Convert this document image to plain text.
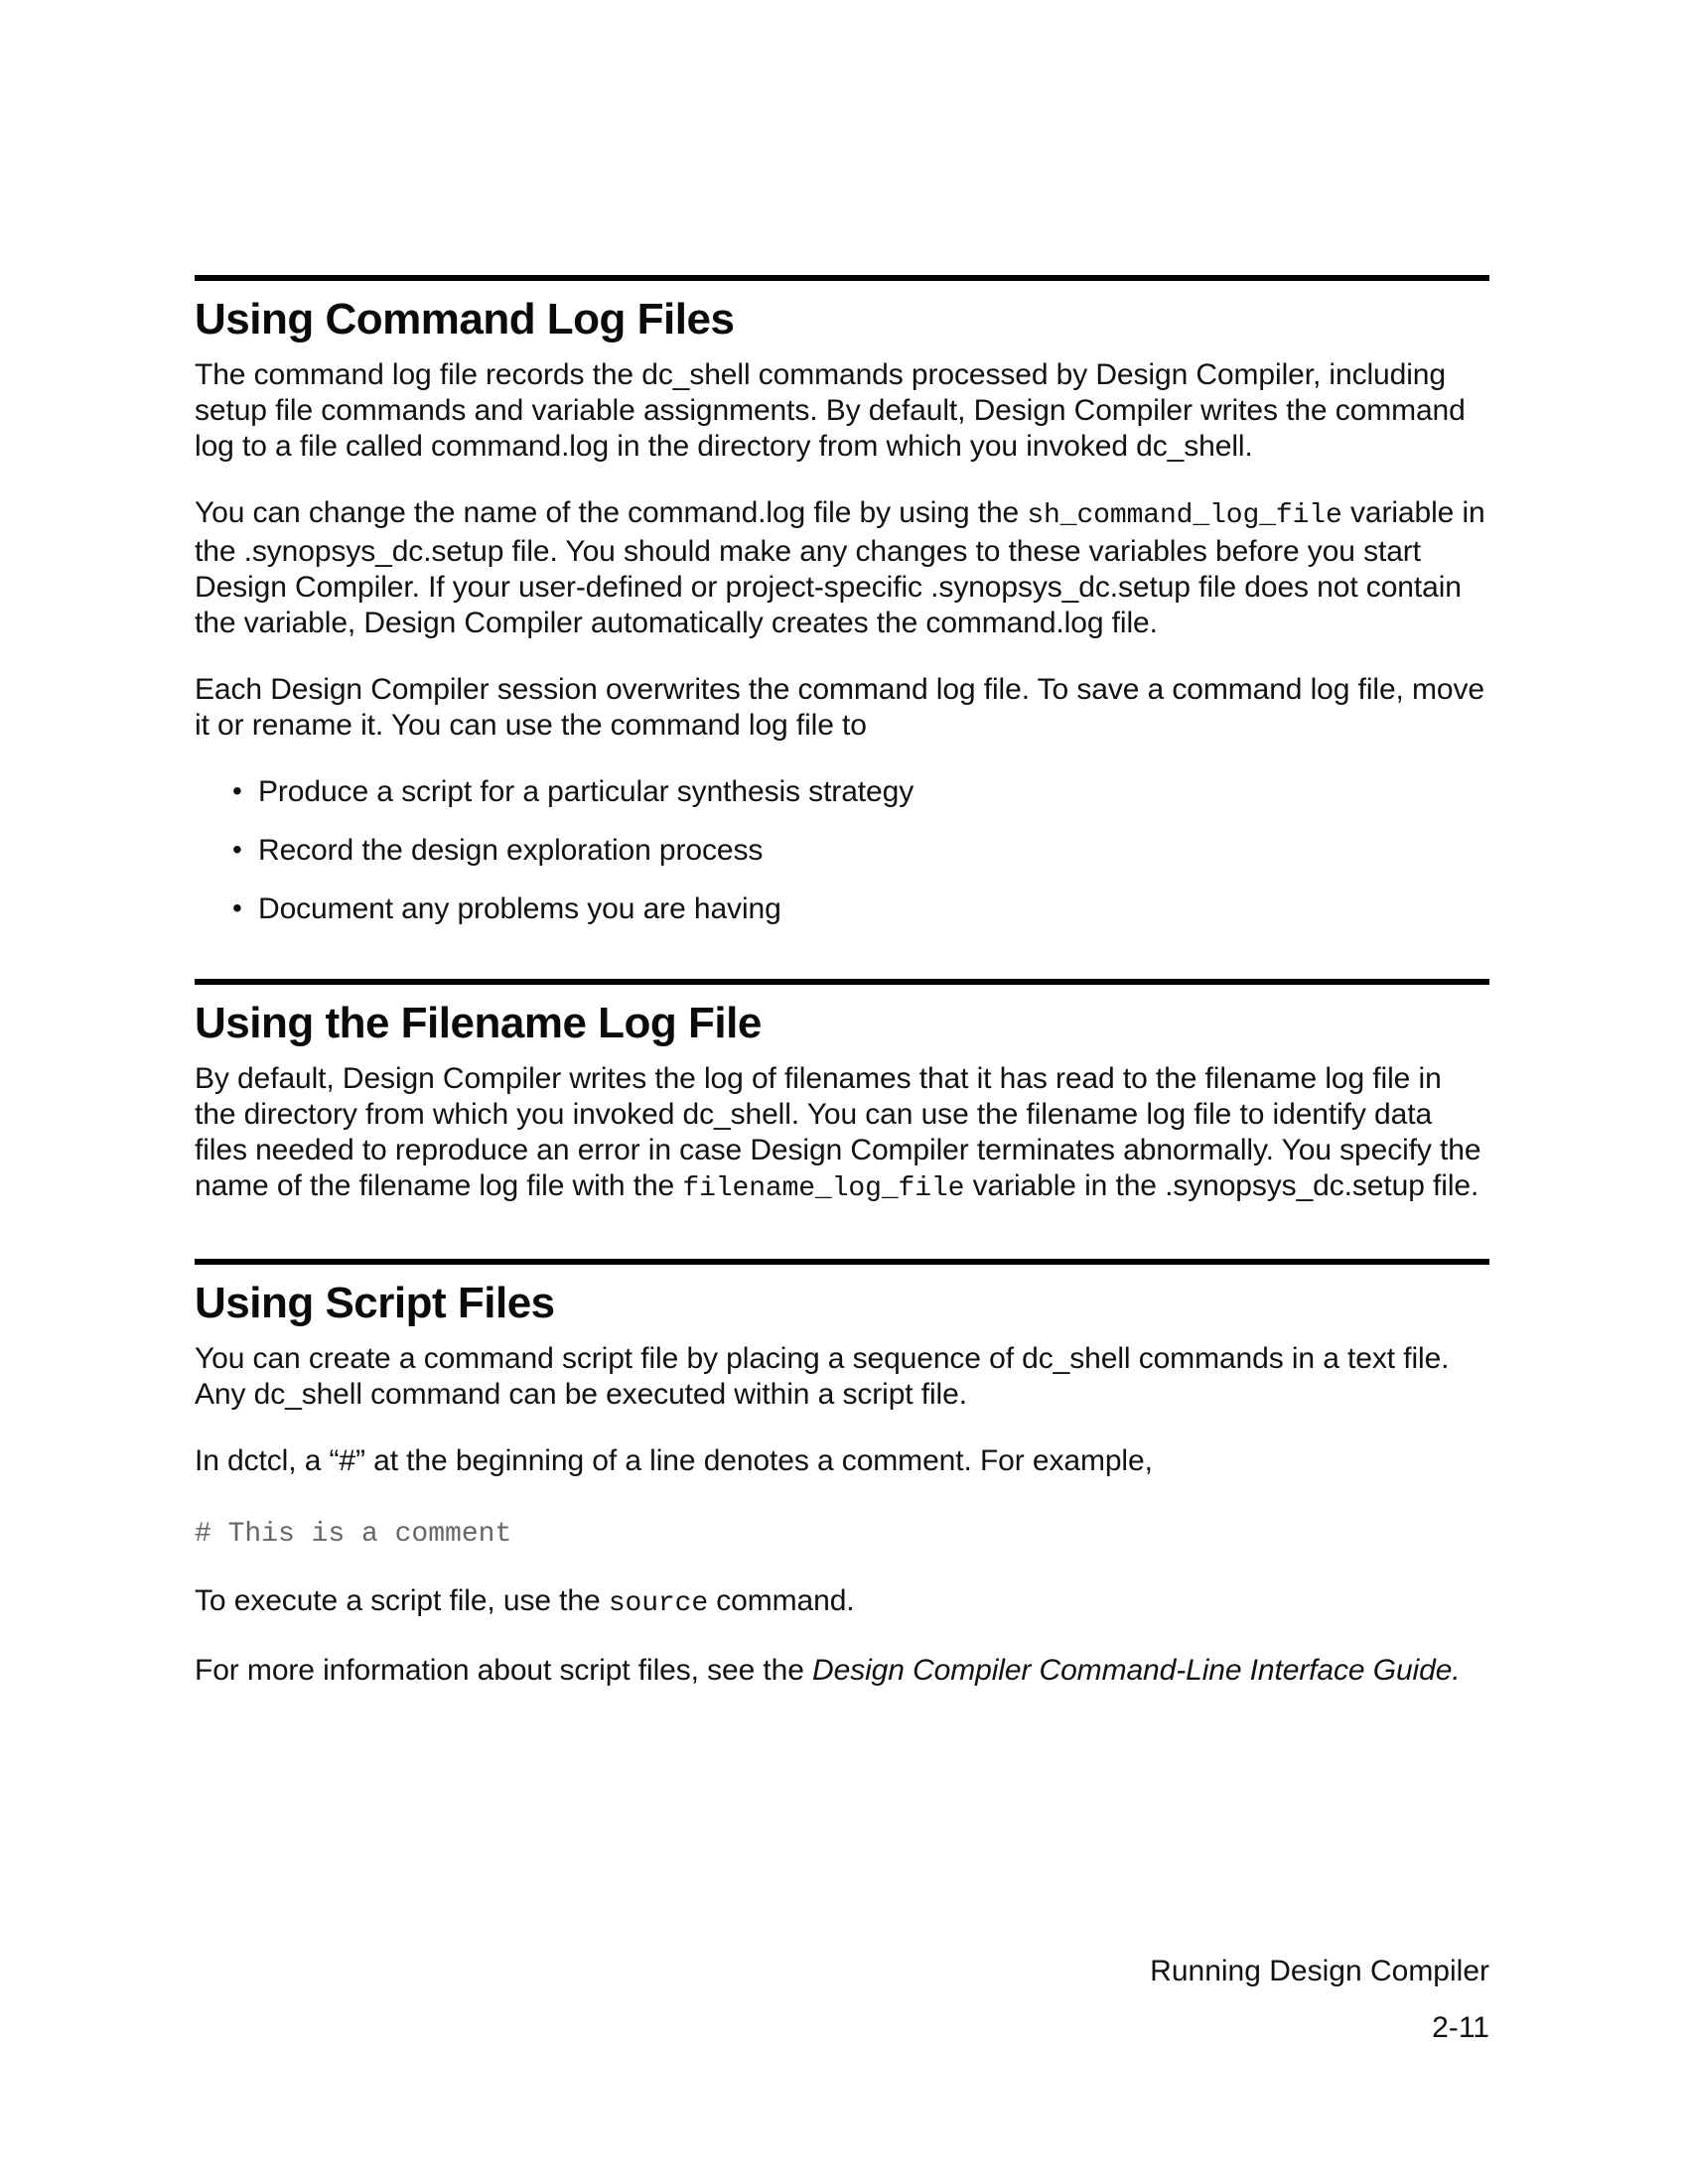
Using Command Log Files

The command log file records the dc_shell commands processed by Design Compiler, including setup file commands and variable assignments. By default, Design Compiler writes the command log to a file called command.log in the directory from which you invoked dc_shell.

You can change the name of the command.log file by using the sh_command_log_file variable in the .synopsys_dc.setup file. You should make any changes to these variables before you start Design Compiler. If your user-defined or project-specific .synopsys_dc.setup file does not contain the variable, Design Compiler automatically creates the command.log file.

Each Design Compiler session overwrites the command log file. To save a command log file, move it or rename it. You can use the command log file to

• Produce a script for a particular synthesis strategy
• Record the design exploration process
• Document any problems you are having
Using the Filename Log File

By default, Design Compiler writes the log of filenames that it has read to the filename log file in the directory from which you invoked dc_shell. You can use the filename log file to identify data files needed to reproduce an error in case Design Compiler terminates abnormally. You specify the name of the filename log file with the filename_log_file variable in the .synopsys_dc.setup file.

Using Script Files

You can create a command script file by placing a sequence of dc_shell commands in a text file. Any dc_shell command can be executed within a script file.

In dctcl, a “#” at the beginning of a line denotes a comment. For example,

# This is a comment

To execute a script file, use the source command.

For more information about script files, see the Design Compiler Command-Line Interface Guide.

Running Design Compiler
2-11
